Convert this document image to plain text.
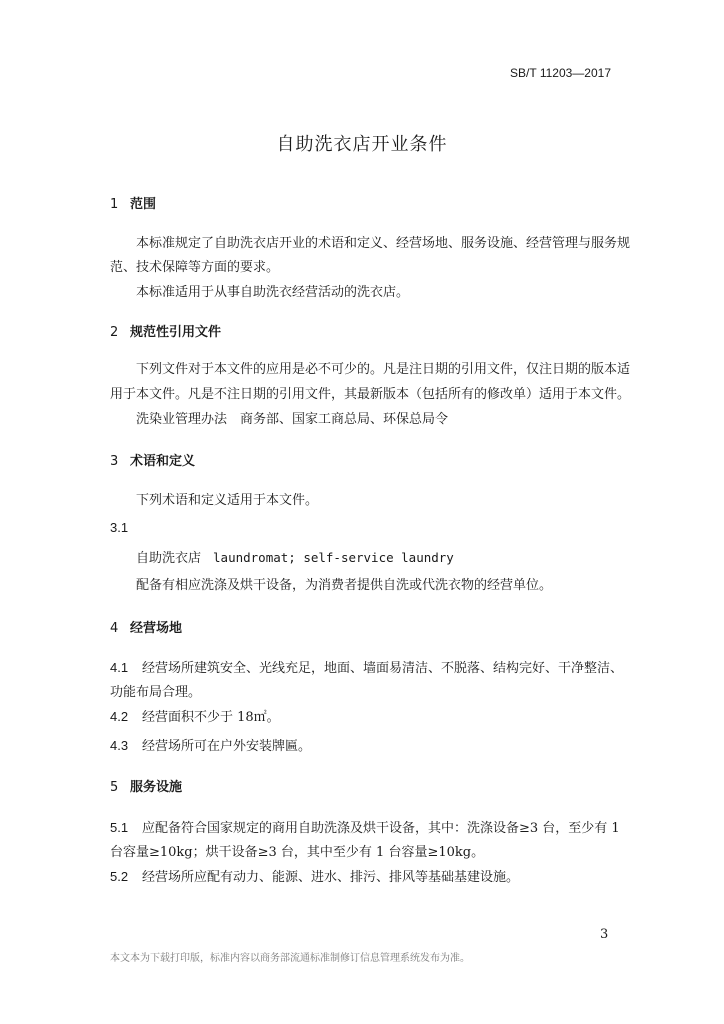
SB/T 11203—2017
自助洗衣店开业条件
1 范围
本标准规定了自助洗衣店开业的术语和定义、经营场地、服务设施、经营管理与服务规
范、技术保障等方面的要求。
本标准适用于从事自助洗衣经营活动的洗衣店。
2 规范性引用文件
下列文件对于本文件的应用是必不可少的。凡是注日期的引用文件，仅注日期的版本适
用于本文件。凡是不注日期的引用文件，其最新版本（包括所有的修改单）适用于本文件。
洗染业管理办法　商务部、国家工商总局、环保总局令
3 术语和定义
下列术语和定义适用于本文件。
3.1
自助洗衣店 laundromat; self-service laundry
配备有相应洗涤及烘干设备，为消费者提供自洗或代洗衣物的经营单位。
4 经营场地
4.1 经营场所建筑安全、光线充足，地面、墙面易清洁、不脱落、结构完好、干净整洁、
功能布局合理。
4.2 经营面积不少于 18㎡。
4.3 经营场所可在户外安装牌匾。
5 服务设施
5.1 应配备符合国家规定的商用自助洗涤及烘干设备，其中：洗涤设备≥3 台，至少有 1
台容量≥10kg；烘干设备≥3 台，其中至少有 1 台容量≥10kg。
5.2 经营场所应配有动力、能源、进水、排污、排风等基础基建设施。
3
本文本为下载打印版，标准内容以商务部流通标准制修订信息管理系统发布为准。
